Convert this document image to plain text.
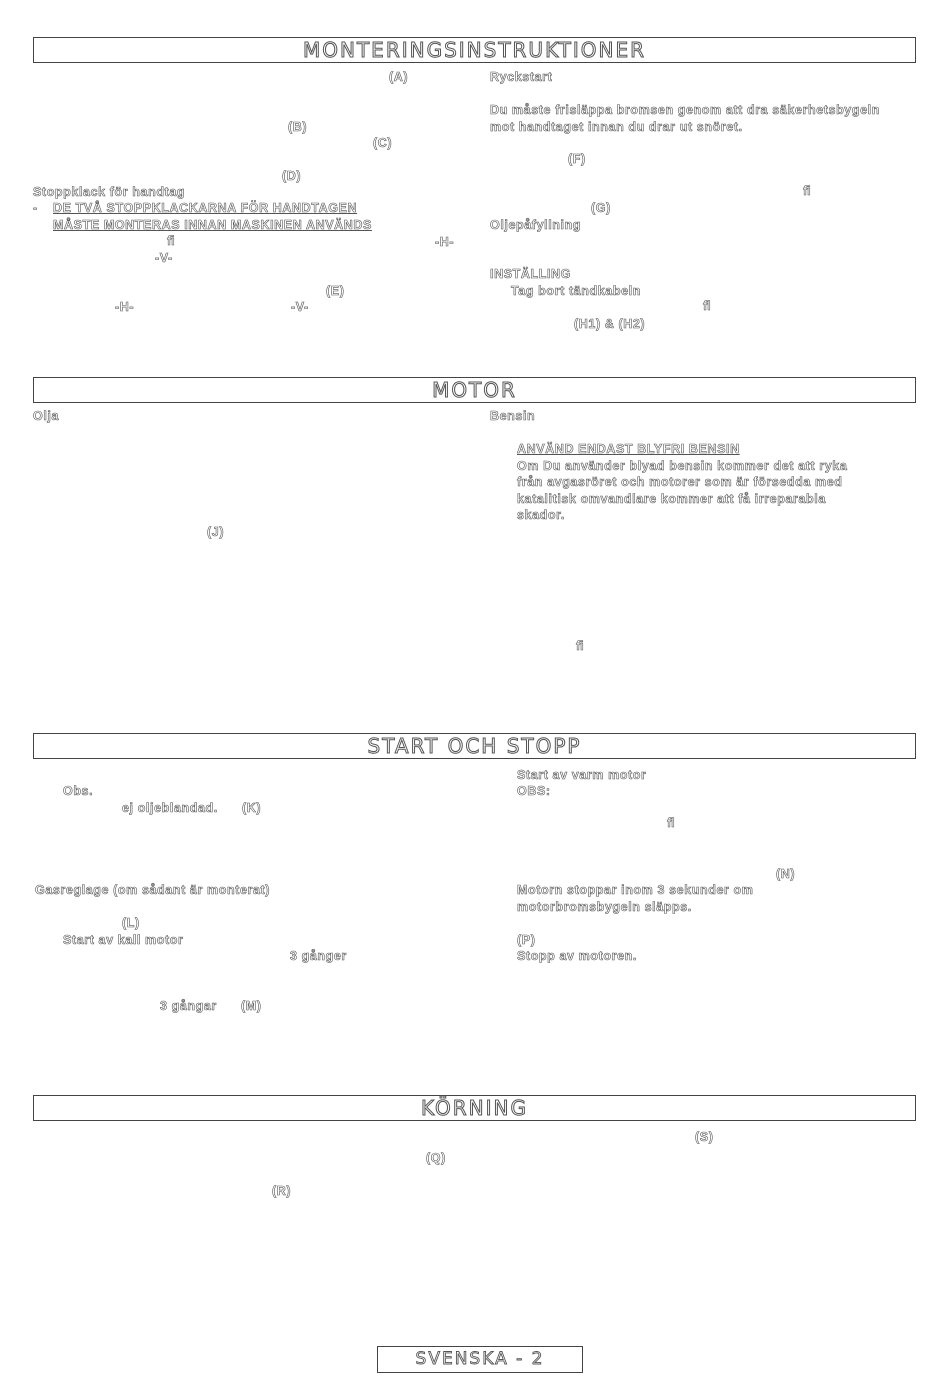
MONTERINGSINSTRUKTIONER
(A)
(B)
(C)
(D)
Stoppklack för handtag
- DE TVÅ STOPPKLACKARNA FÖR HANDTAGEN
MÅSTE MONTERAS INNAN MASKINEN ANVÄNDS
ﬁ	-H-
-V-
(E)
-H-	-V-
Ryckstart
Du måste frisläppa bromsen genom att dra säkerhetsbygeln
mot handtaget innan du drar ut snöret.
(F)
ﬁ
(G)
Oljepåfyllning
INSTÄLLING
Tag bort tändkabeln
ﬂ
(H1) & (H2)
MOTOR
Olja
(J)
Bensin
ANVÄND ENDAST BLYFRI BENSIN
Om Du använder blyad bensin kommer det att ryka
från avgasröret och motorer som är försedda med
katalitisk omvandlare kommer att få irreparabla
skador.
ﬁ
START OCH STOPP
Obs.
ej oljeblandad. (K)
Gasreglage (om sådant är monterat)
(L)
Start av kall motor
3 gånger
3 gångar (M)
Start av varm motor
OBS:
ﬂ
(N)
Motorn stoppar inom 3 sekunder om
motorbromsbygeln släpps.
(P)
Stopp av motoren.
KÖRNING
(S)
(Q)
(R)
SVENSKA - 2
